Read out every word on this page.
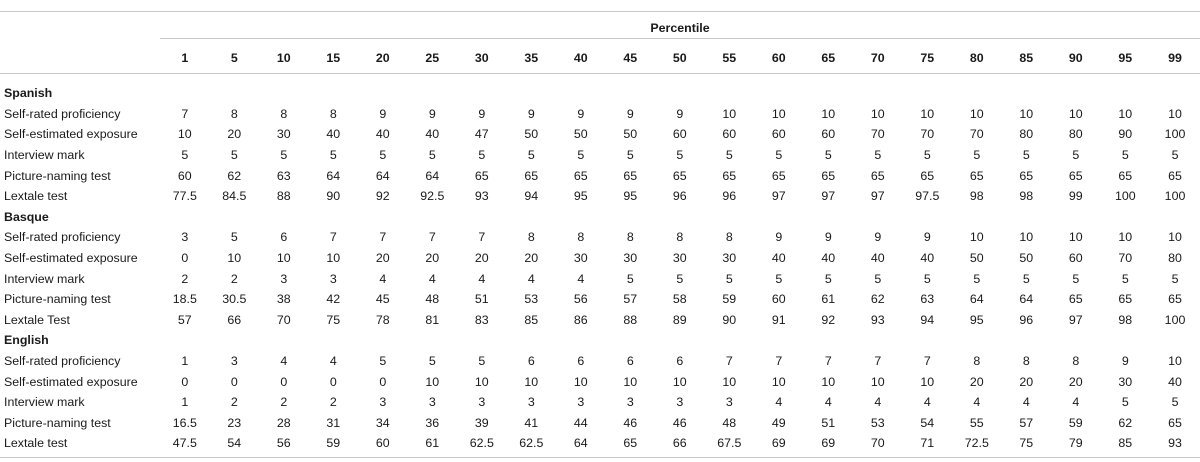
	Percentile																				
	1	5	10	15	20	25	30	35	40	45	50	55	60	65	70	75	80	85	90	95	99

Spanish																					
Self-rated proficiency	7	8	8	8	9	9	9	9	9	9	9	10	10	10	10	10	10	10	10	10	10
Self-estimated exposure	10	20	30	40	40	40	47	50	50	50	60	60	60	60	70	70	70	80	80	90	100
Interview mark	5	5	5	5	5	5	5	5	5	5	5	5	5	5	5	5	5	5	5	5	5
Picture-naming test	60	62	63	64	64	64	65	65	65	65	65	65	65	65	65	65	65	65	65	65	65
Lextale test	77.5	84.5	88	90	92	92.5	93	94	95	95	96	96	97	97	97	97.5	98	98	99	100	100
Basque																					
Self-rated proficiency	3	5	6	7	7	7	7	8	8	8	8	8	9	9	9	9	10	10	10	10	10
Self-estimated exposure	0	10	10	10	20	20	20	20	30	30	30	30	40	40	40	40	50	50	60	70	80
Interview mark	2	2	3	3	4	4	4	4	4	5	5	5	5	5	5	5	5	5	5	5	5
Picture-naming test	18.5	30.5	38	42	45	48	51	53	56	57	58	59	60	61	62	63	64	64	65	65	65
Lextale Test	57	66	70	75	78	81	83	85	86	88	89	90	91	92	93	94	95	96	97	98	100
English																					
Self-rated proficiency	1	3	4	4	5	5	5	6	6	6	6	7	7	7	7	7	8	8	8	9	10
Self-estimated exposure	0	0	0	0	0	10	10	10	10	10	10	10	10	10	10	10	20	20	20	30	40
Interview mark	1	2	2	2	3	3	3	3	3	3	3	3	4	4	4	4	4	4	4	5	5
Picture-naming test	16.5	23	28	31	34	36	39	41	44	46	46	48	49	51	53	54	55	57	59	62	65
Lextale test	47.5	54	56	59	60	61	62.5	62.5	64	65	66	67.5	69	69	70	71	72.5	75	79	85	93
